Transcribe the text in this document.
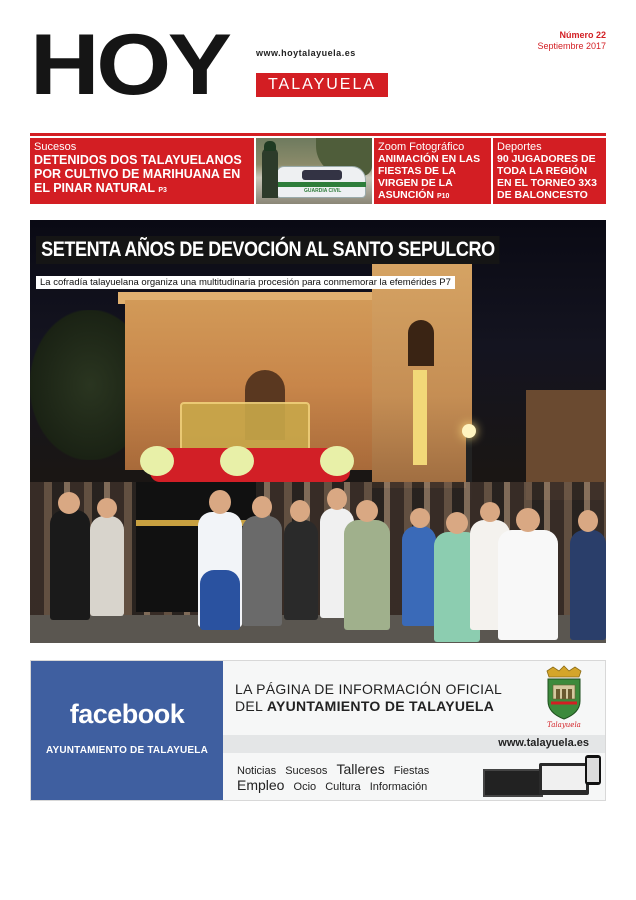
HOY	www.hoytalayuela.es
TALAYUELA
Número 22
Septiembre 2017
Sucesos
DETENIDOS DOS TALAYUELANOS POR CULTIVO DE MARIHUANA EN EL PINAR NATURAL P3	GUARDIA CIVIL
Zoom Fotográfico
ANIMACIÓN EN LAS FIESTAS DE LA VIRGEN DE LA ASUNCIÓN P10
Deportes
90 JUGADORES DE TODA LA REGIÓN EN EL TORNEO 3X3 DE BALONCESTO P15
SETENTA AÑOS DE DEVOCIÓN AL SANTO SEPULCRO
La cofradía talayuelana organiza una multitudinaria procesión para conmemorar la efemérides P7
facebook
AYUNTAMIENTO DE TALAYUELA
LA PÁGINA DE INFORMACIÓN OFICIAL
DEL AYUNTAMIENTO DE TALAYUELA
Talayuela
www.talayuela.es
Noticias Sucesos Talleres Fiestas
Empleo Ocio Cultura Información
